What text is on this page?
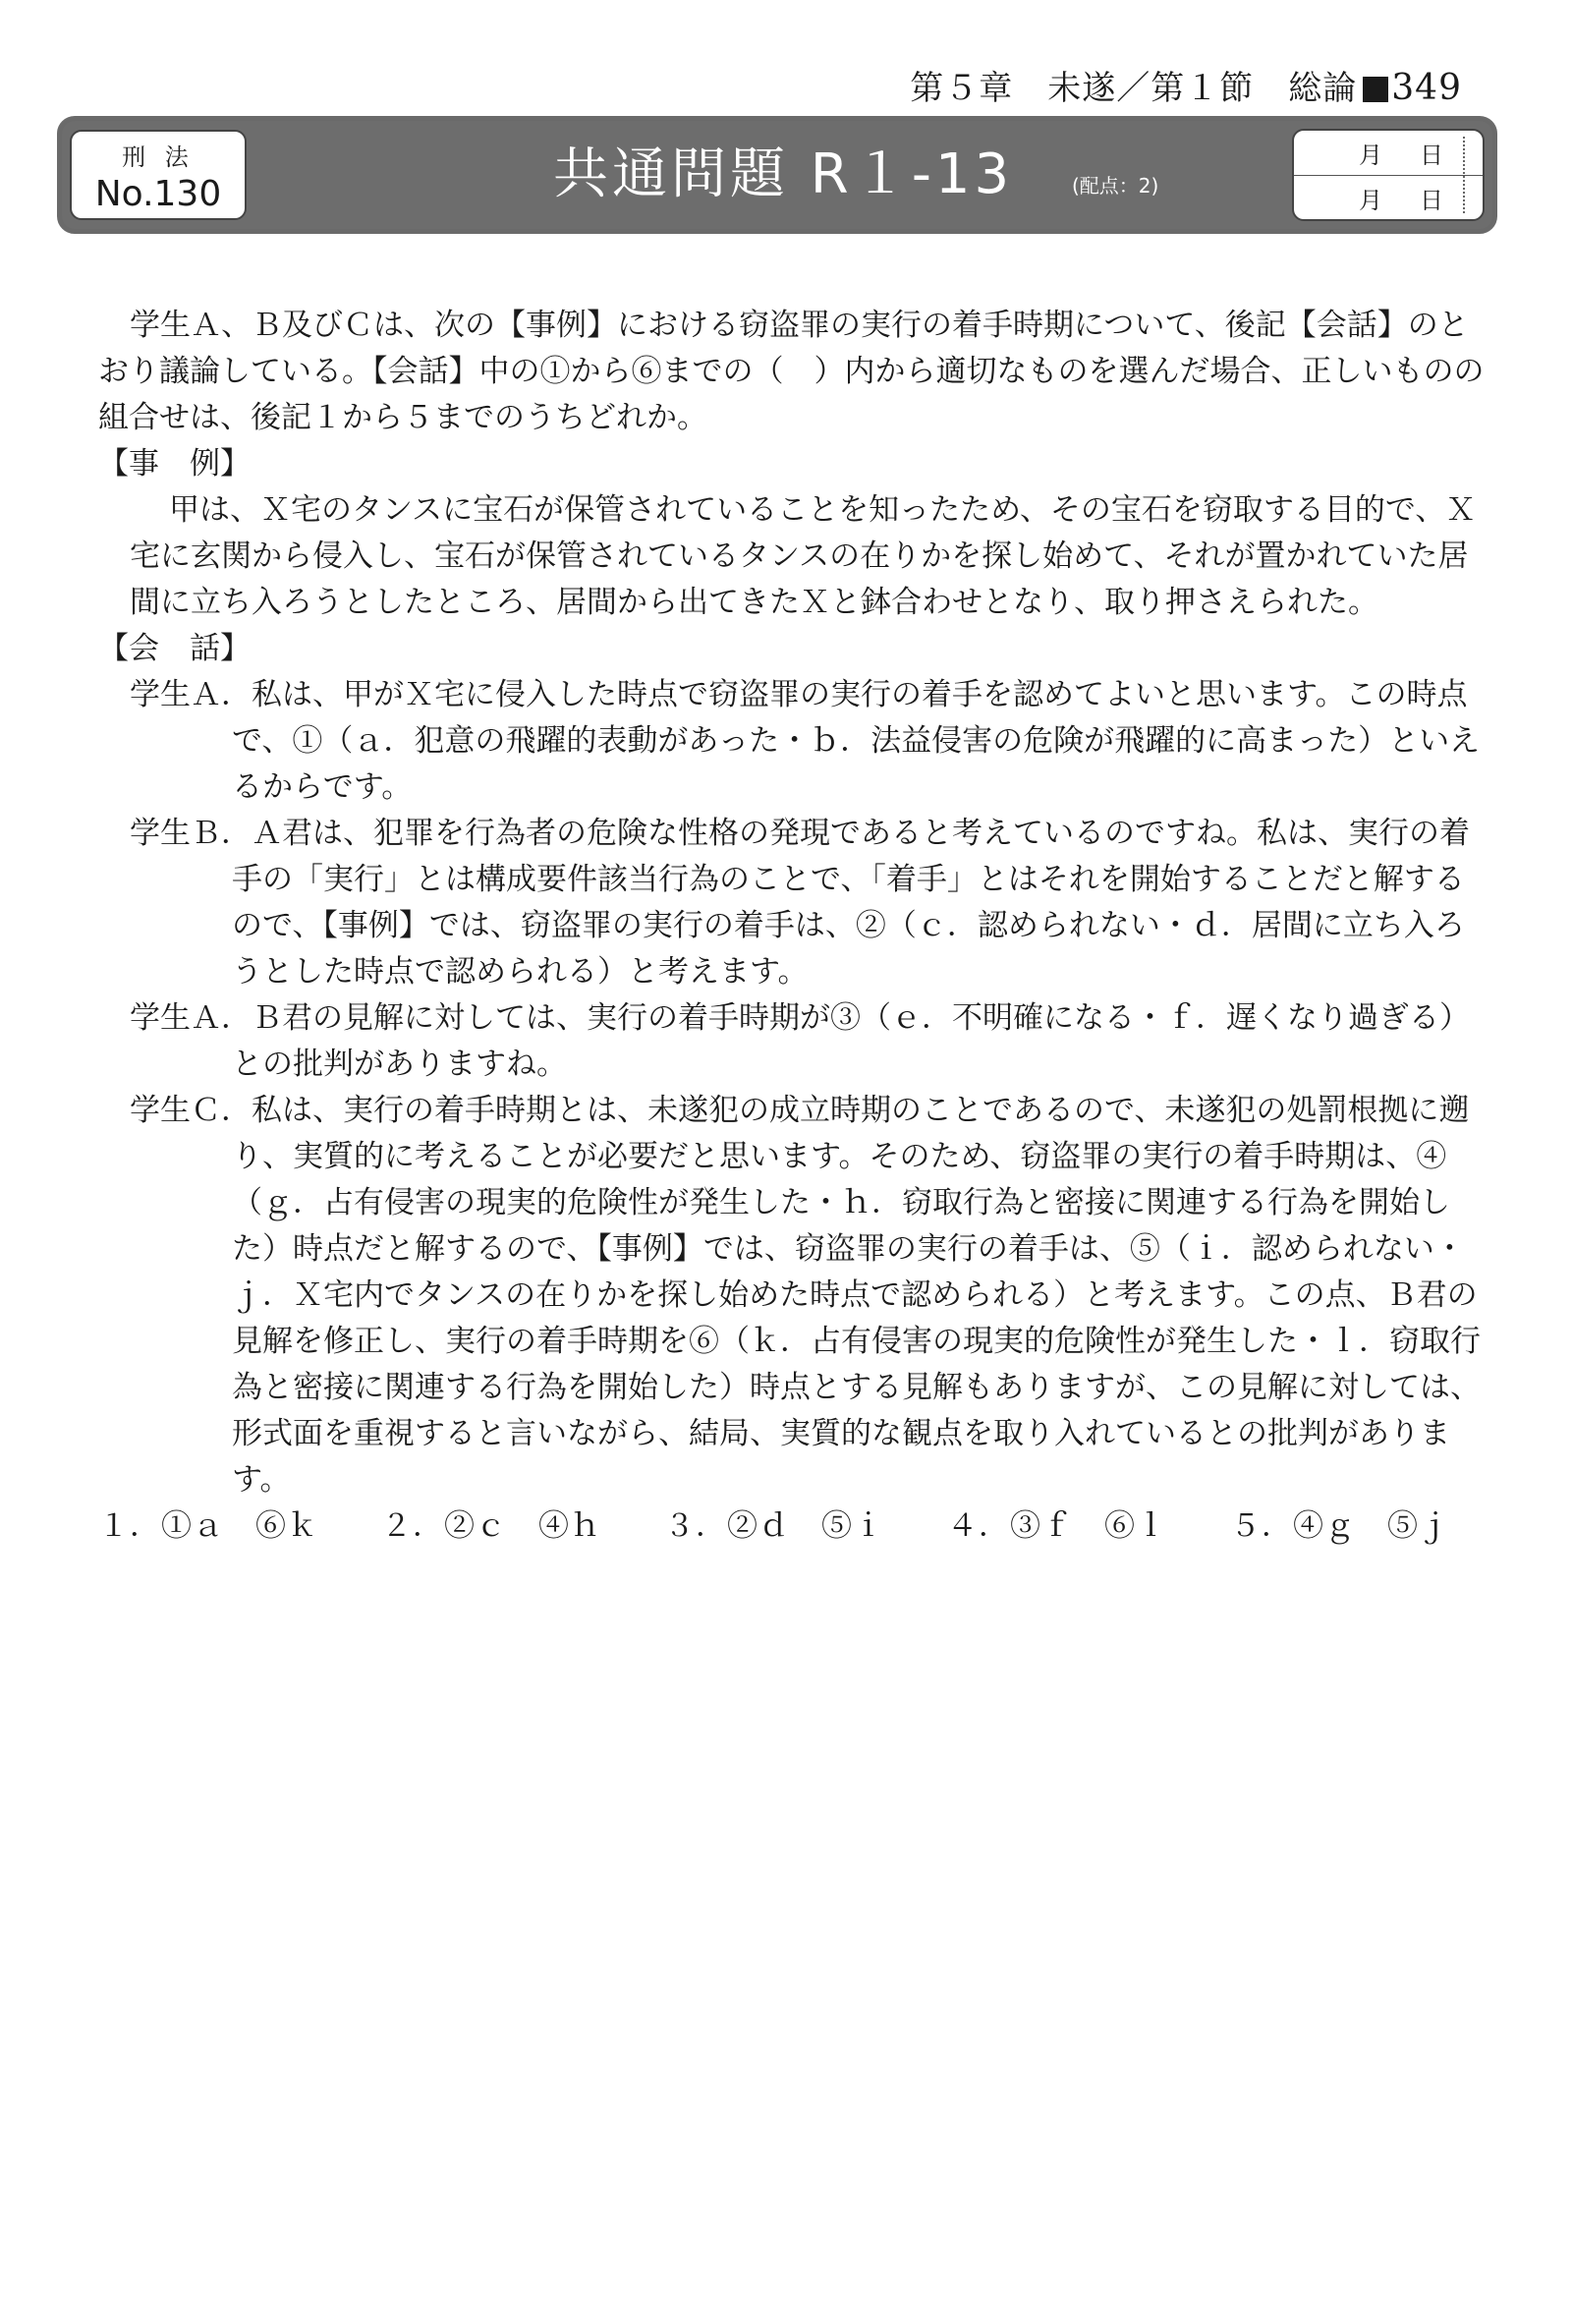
第５章　未遂／第１節　総論 349
刑 法
No.130	共通問題 R１-13	(配点：2)
月 日
月 日

学生Ａ、Ｂ及びＣは、次の【事例】における窃盗罪の実行の着手時期について、後記【会話】のとおり議論している。【会話】中の①から⑥までの（　）内から適切なものを選んだ場合、正しいものの組合せは、後記１から５までのうちどれか。

【事　例】

甲は、Ｘ宅のタンスに宝石が保管されていることを知ったため、その宝石を窃取する目的で、Ｘ宅に玄関から侵入し、宝石が保管されているタンスの在りかを探し始めて、それが置かれていた居間に立ち入ろうとしたところ、居間から出てきたＸと鉢合わせとなり、取り押さえられた。

【会　話】

学生Ａ．私は、甲がＸ宅に侵入した時点で窃盗罪の実行の着手を認めてよいと思います。この時点で、①（ａ．犯意の飛躍的表動があった・ｂ．法益侵害の危険が飛躍的に高まった）といえるからです。

学生Ｂ．Ａ君は、犯罪を行為者の危険な性格の発現であると考えているのですね。私は、実行の着手の「実行」とは構成要件該当行為のことで、「着手」とはそれを開始することだと解するので、【事例】では、窃盗罪の実行の着手は、②（ｃ．認められない・ｄ．居間に立ち入ろうとした時点で認められる）と考えます。

学生Ａ．Ｂ君の見解に対しては、実行の着手時期が③（ｅ．不明確になる・ｆ．遅くなり過ぎる）との批判がありますね。

学生Ｃ．私は、実行の着手時期とは、未遂犯の成立時期のことであるので、未遂犯の処罰根拠に遡り、実質的に考えることが必要だと思います。そのため、窃盗罪の実行の着手時期は、④（ｇ．占有侵害の現実的危険性が発生した・ｈ．窃取行為と密接に関連する行為を開始した）時点だと解するので、【事例】では、窃盗罪の実行の着手は、⑤（ｉ．認められない・ｊ．Ｘ宅内でタンスの在りかを探し始めた時点で認められる）と考えます。この点、Ｂ君の見解を修正し、実行の着手時期を⑥（ｋ．占有侵害の現実的危険性が発生した・ｌ．窃取行為と密接に関連する行為を開始した）時点とする見解もありますが、この見解に対しては、形式面を重視すると言いながら、結局、実質的な観点を取り入れているとの批判があります。

１．①ａ　⑥ｋ　　２．②ｃ　④ｈ　　３．②ｄ　⑤ｉ　　４．③ｆ　⑥ｌ　　５．④ｇ　⑤ｊ
